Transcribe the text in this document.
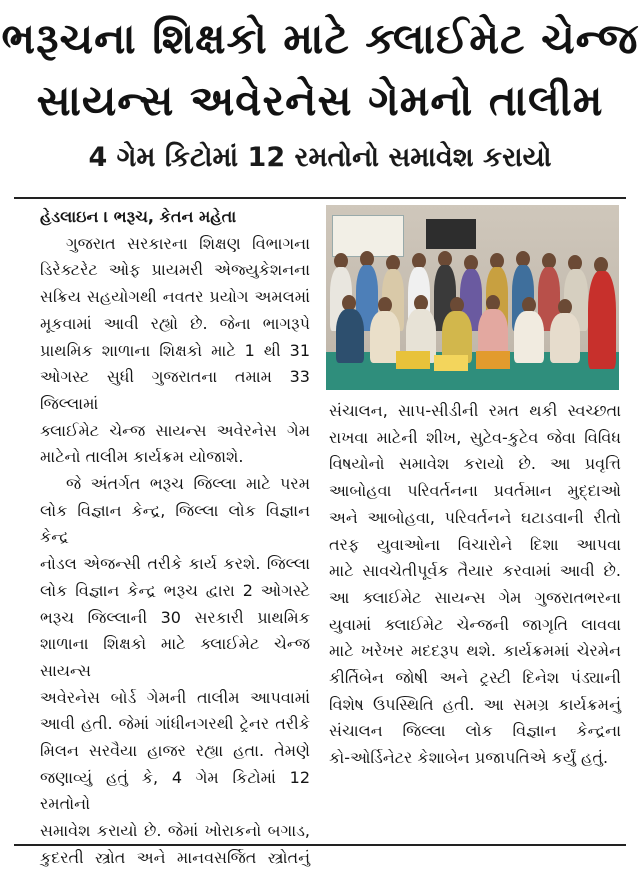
ભરૂચના શિક્ષકો માટે ક્લાઈમેટ ચેન્જ
સાયન્સ અવેરનેસ ગેમનો તાલીમ
4 ગેમ કિટોમાં 12 રમતોનો સમાવેશ કરાયો

હેડલાઇન । ભરૂચ, કેતન મહેતા

ગુજરાત સરકારના શિક્ષણ વિભાગના

ડિરેક્ટરેટ ઓફ પ્રાયમરી એજ્યુકેશનના

સક્રિય સહયોગથી નવતર પ્રયોગ અમલમાં

મૂકવામાં આવી રહ્યો છે. જેના ભાગરૂપે

પ્રાથમિક શાળાના શિક્ષકો માટે 1 થી 31

ઓગસ્ટ સુધી ગુજરાતના તમામ 33 જિલ્લામાં

ક્લાઈમેટ ચેન્જ સાયન્સ અવેરનેસ ગેમ

માટેનો તાલીમ કાર્યક્રમ યોજાશે.

જે અંતર્ગત ભરૂચ જિલ્લા માટે પરમ

લોક વિજ્ઞાન કેન્દ્ર, જિલ્લા લોક વિજ્ઞાન કેન્દ્ર

નોડલ એજન્સી તરીકે કાર્ય કરશે. જિલ્લા

લોક વિજ્ઞાન કેન્દ્ર ભરૂચ દ્વારા 2 ઓગસ્ટે

ભરૂચ જિલ્લાની 30 સરકારી પ્રાથમિક

શાળાના શિક્ષકો માટે ક્લાઈમેટ ચેન્જ સાયન્સ

અવેરનેસ બોર્ડ ગેમની તાલીમ આપવામાં

આવી હતી. જેમાં ગાંધીનગરથી ટ્રેનર તરીકે

મિલન સરવૈયા હાજર રહ્યા હતા. તેમણે

જણાવ્યું હતું કે, 4 ગેમ કિટોમાં 12 રમતોનો

સમાવેશ કરાયો છે. જેમાં ખોરાકનો બગાડ,

કુદરતી સ્ત્રોત અને માનવસર્જિત સ્ત્રોતનું

સંચાલન, સાપ-સીડીની રમત થકી સ્વચ્છતા

રાખવા માટેની શીખ, સુટેવ-કુટેવ જેવા વિવિધ

વિષયોનો સમાવેશ કરાયો છે. આ પ્રવૃત્તિ

આબોહવા પરિવર્તનના પ્રવર્તમાન મુદ્દાઓ

અને આબોહવા, પરિવર્તનને ઘટાડવાની રીતો

તરફ યુવાઓના વિચારોને દિશા આપવા

માટે સાવચેતીપૂર્વક તૈયાર કરવામાં આવી છે.

આ ક્લાઈમેટ સાયન્સ ગેમ ગુજરાતભરના

યુવામાં ક્લાઈમેટ ચેન્જની જાગૃતિ લાવવા

માટે ખરેખર મદદરૂપ થશે. કાર્યક્રમમાં ચેરમેન

કીર્તિબેન જોષી અને ટ્રસ્ટી દિનેશ પંડ્યાની

વિશેષ ઉપસ્થિતિ હતી. આ સમગ્ર કાર્યક્રમનું

સંચાલન જિલ્લા લોક વિજ્ઞાન કેન્દ્રના

કો-ઓર્ડિનેટર કેશાબેન પ્રજાપતિએ કર્યું હતું.
